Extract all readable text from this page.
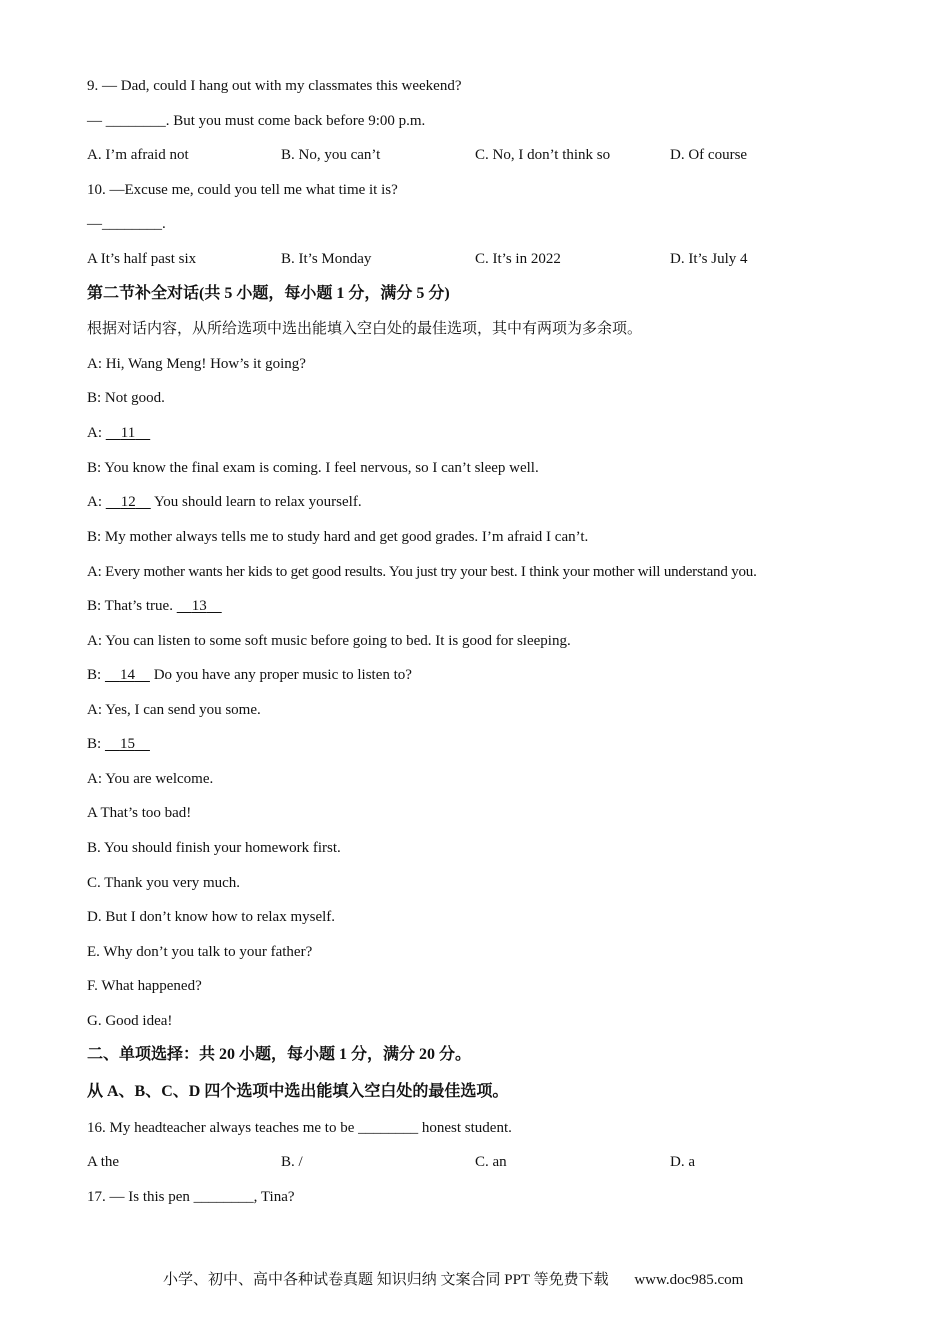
9. — Dad, could I hang out with my classmates this weekend?
— ________. But you must come back before 9:00 p.m.
A. I’m afraid not	B. No, you can’t	C. No, I don’t think so	D. Of course
10. —Excuse me, could you tell me what time it is?
—________.
A It’s half past six	B. It’s Monday	C. It’s in 2022	D. It’s July 4
第二节补全对话(共 5 小题，每小题 1 分，满分 5 分)
根据对话内容，从所给选项中选出能填入空白处的最佳选项，其中有两项为多余项。
A: Hi, Wang Meng! How’s it going?
B: Not good.
A: 11
B: You know the final exam is coming. I feel nervous, so I can’t sleep well.
A: 12 You should learn to relax yourself.
B: My mother always tells me to study hard and get good grades. I’m afraid I can’t.
A: Every mother wants her kids to get good results. You just try your best. I think your mother will understand you.
B: That’s true. 13
A: You can listen to some soft music before going to bed. It is good for sleeping.
B: 14 Do you have any proper music to listen to?
A: Yes, I can send you some.
B: 15
A: You are welcome.
A That’s too bad!
B. You should finish your homework first.
C. Thank you very much.
D. But I don’t know how to relax myself.
E. Why don’t you talk to your father?
F. What happened?
G. Good idea!
二、单项选择：共 20 小题，每小题 1 分，满分 20 分。
从 A、B、C、D 四个选项中选出能填入空白处的最佳选项。
16. My headteacher always teaches me to be ________ honest student.
A the	B. /	C. an	D. a
17. — Is this pen ________, Tina?
小学、初中、高中各种试卷真题 知识归纳 文案合同 PPT 等免费下载 www.doc985.com
